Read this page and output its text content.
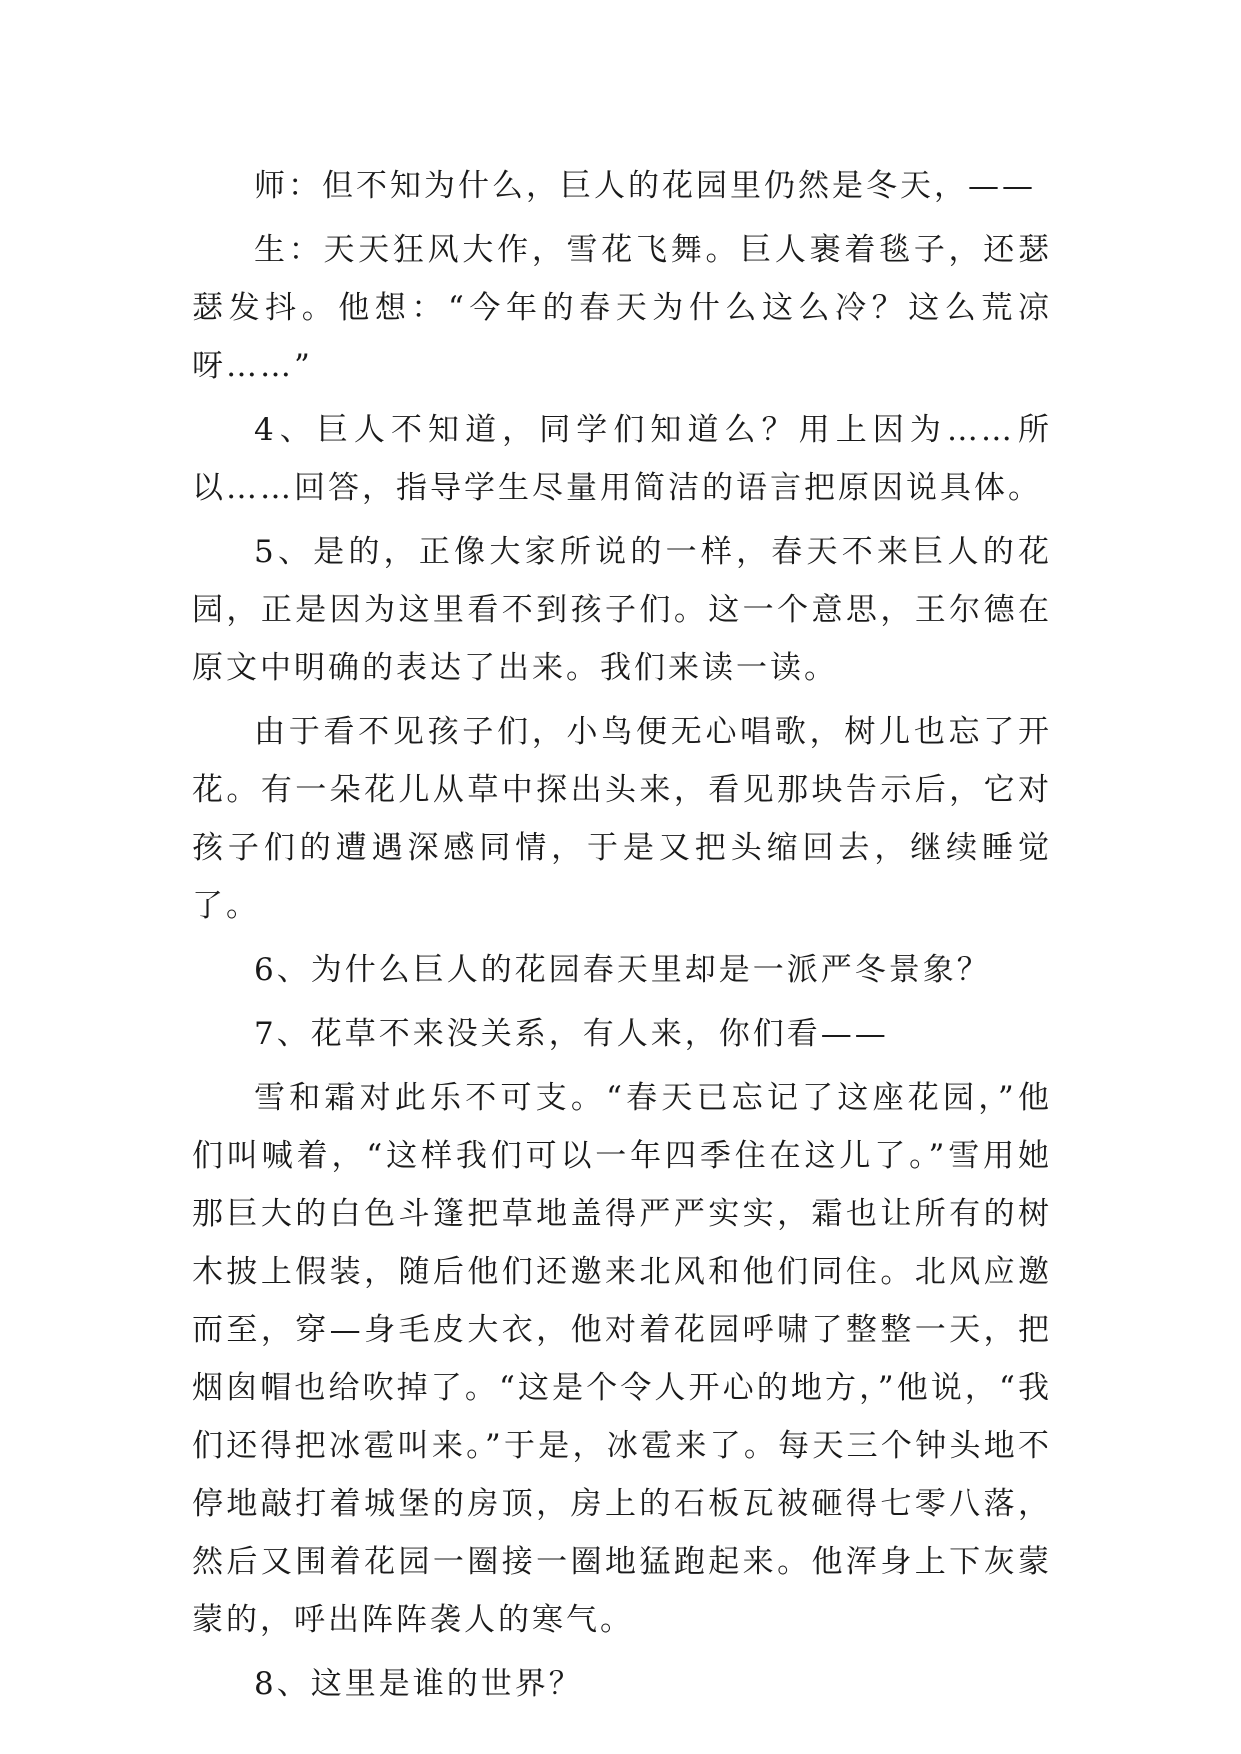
师：但不知为什么，巨人的花园里仍然是冬天，——

生：天天狂风大作，雪花飞舞。巨人裹着毯子，还瑟瑟发抖。他想：“今年的春天为什么这么冷？这么荒凉呀……”

4、巨人不知道，同学们知道么？用上因为……所以……回答，指导学生尽量用简洁的语言把原因说具体。

5、是的，正像大家所说的一样，春天不来巨人的花园，正是因为这里看不到孩子们。这一个意思，王尔德在原文中明确的表达了出来。我们来读一读。

由于看不见孩子们，小鸟便无心唱歌，树儿也忘了开花。有一朵花儿从草中探出头来，看见那块告示后，它对孩子们的遭遇深感同情，于是又把头缩回去，继续睡觉了。

6、为什么巨人的花园春天里却是一派严冬景象？

7、花草不来没关系，有人来，你们看——

雪和霜对此乐不可支。“春天已忘记了这座花园，”他们叫喊着，“这样我们可以一年四季住在这儿了。”雪用她那巨大的白色斗篷把草地盖得严严实实，霜也让所有的树木披上假装，随后他们还邀来北风和他们同住。北风应邀而至，穿—身毛皮大衣，他对着花园呼啸了整整一天，把烟囱帽也给吹掉了。“这是个令人开心的地方，”他说，“我们还得把冰雹叫来。”于是，冰雹来了。每天三个钟头地不停地敲打着城堡的房顶，房上的石板瓦被砸得七零八落，然后又围着花园一圈接一圈地猛跑起来。他浑身上下灰蒙蒙的，呼出阵阵袭人的寒气。

8、这里是谁的世界？
